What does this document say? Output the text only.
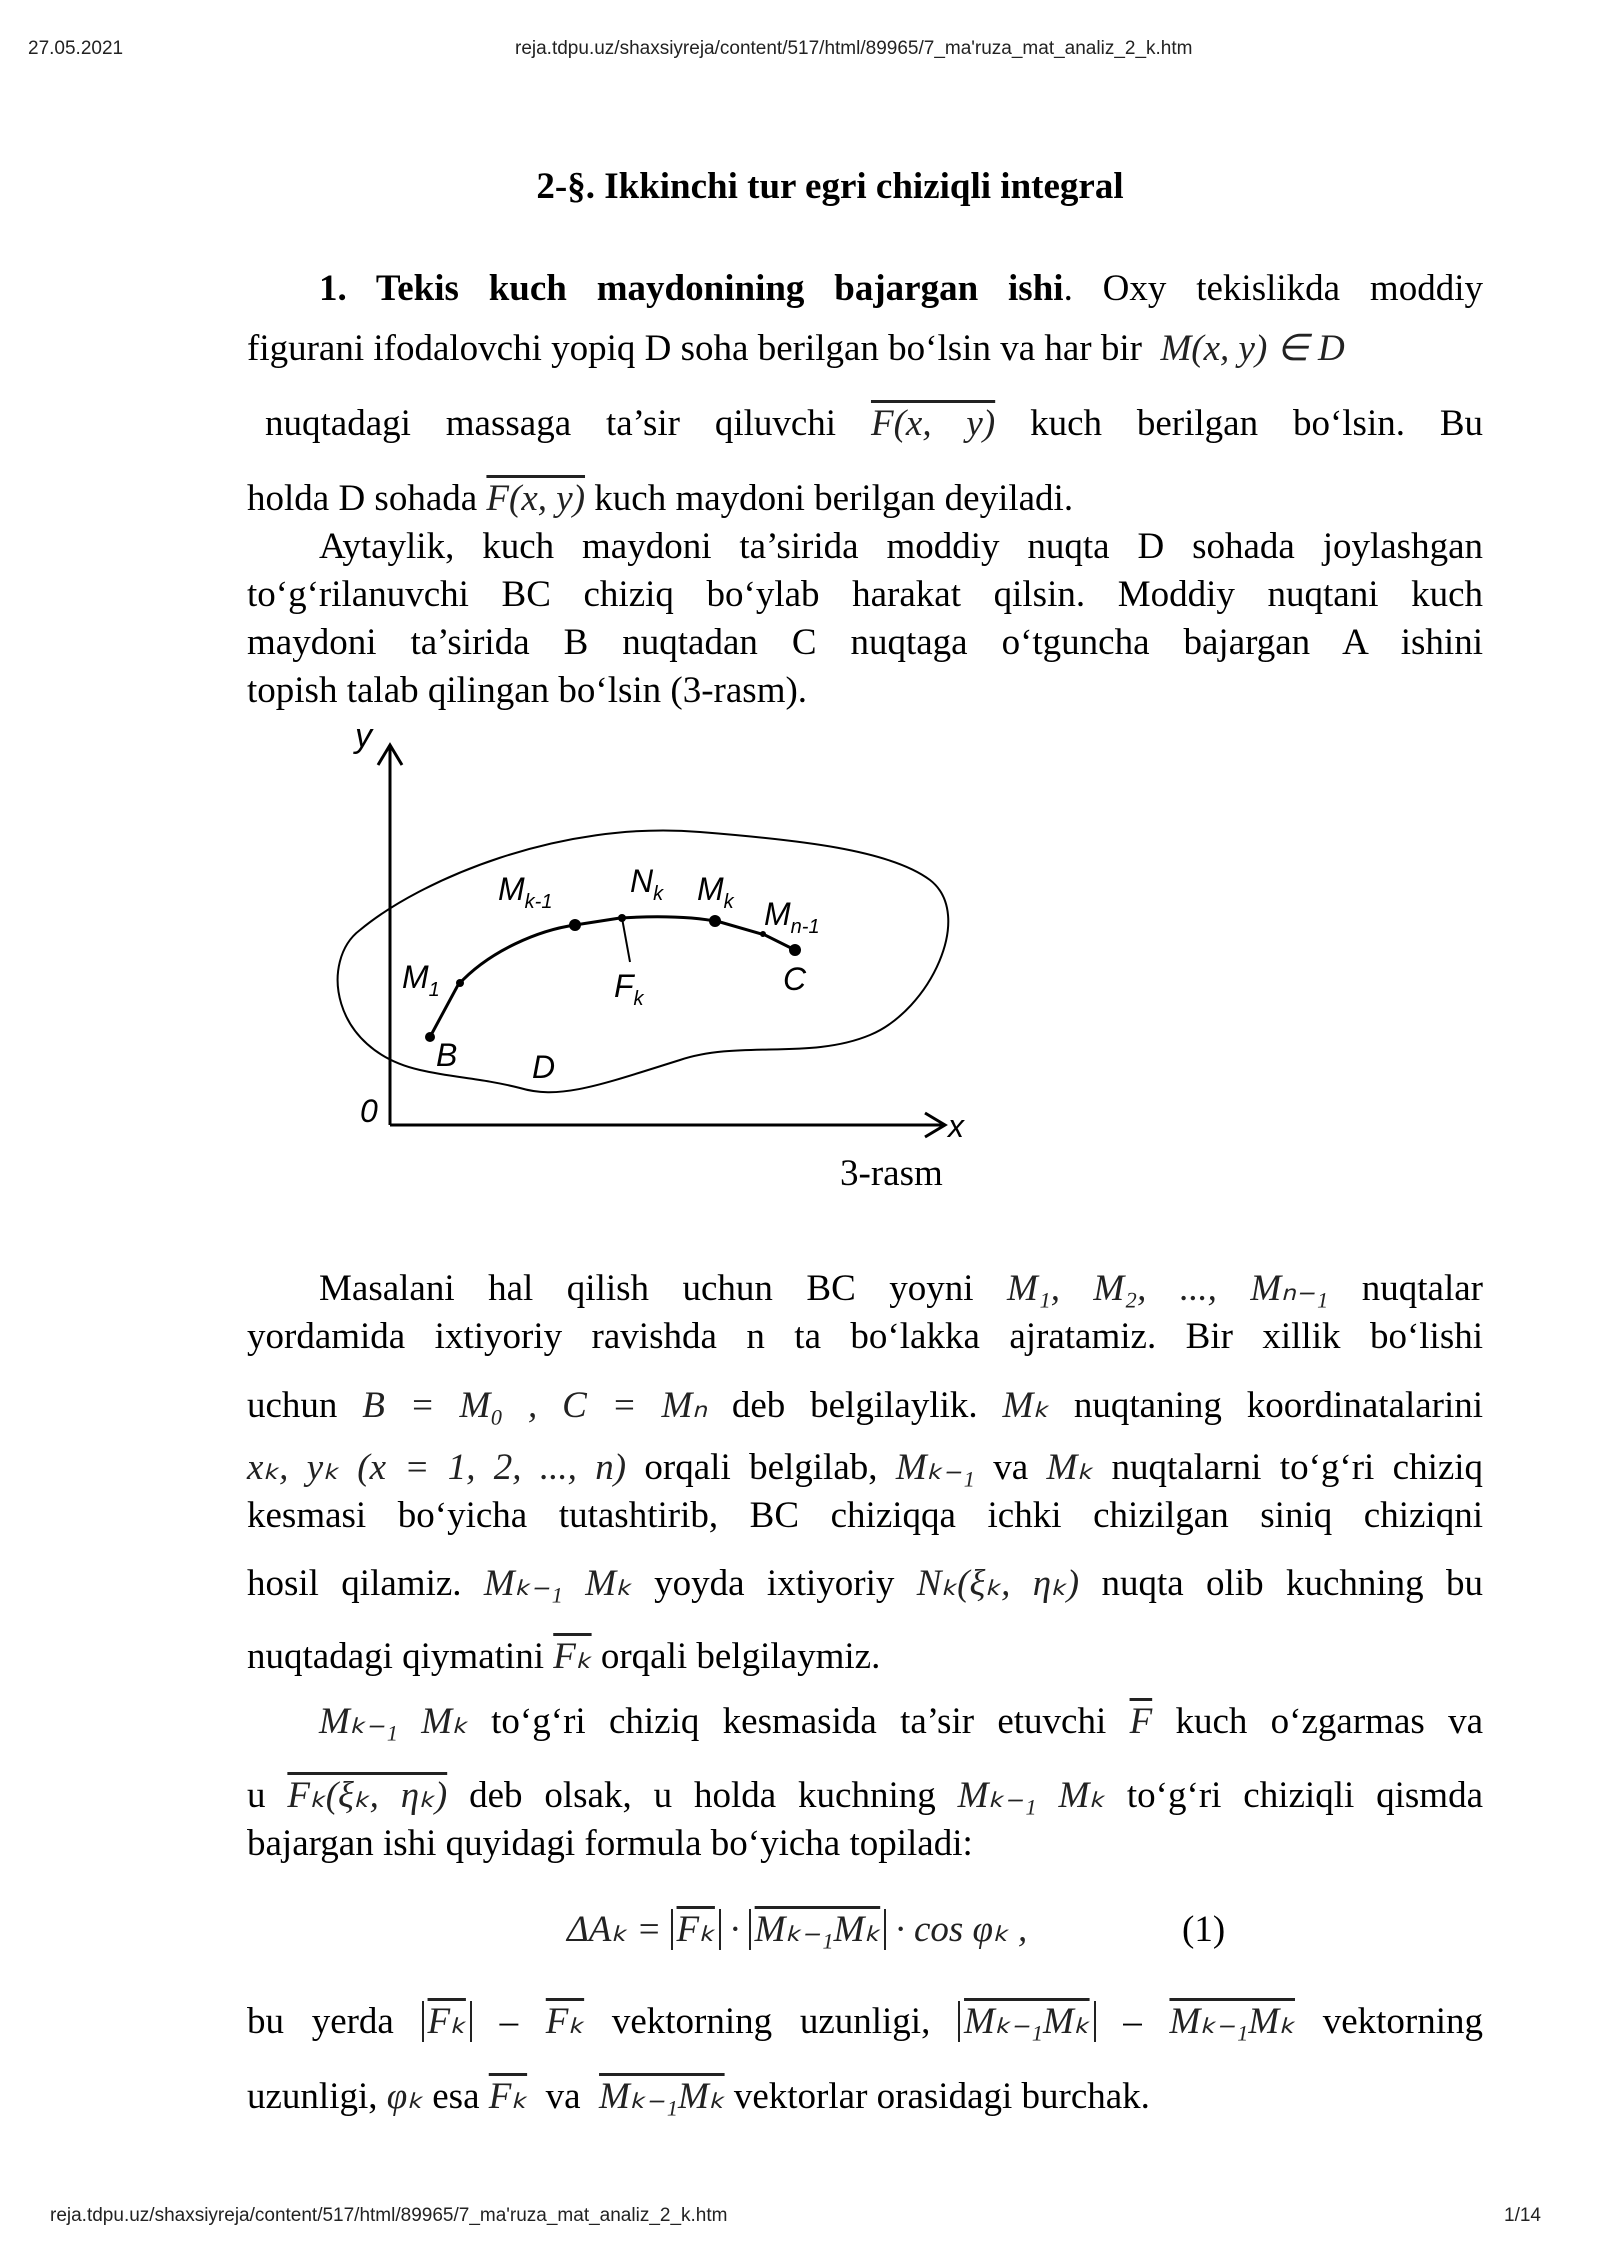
27.05.2021	reja.tdpu.uz/shaxsiyreja/content/517/html/89965/7_ma'ruza_mat_analiz_2_k.htm
reja.tdpu.uz/shaxsiyreja/content/517/html/89965/7_ma'ruza_mat_analiz_2_k.htm	1/14
2-§. Ikkinchi tur egri chiziqli integral
1. Tekis kuch maydonining bajargan ishi. Oxy tekislikda moddiy
figurani ifodalovchi yopiq D soha berilgan bo‘lsin va har bir M(x, y) ∈ D
nuqtadagi massaga ta’sir qiluvchi F(x, y) kuch berilgan bo‘lsin. Bu
holda D sohada F(x, y) kuch maydoni berilgan deyiladi.
Aytaylik, kuch maydoni ta’sirida moddiy nuqta D sohada joylashgan
to‘g‘rilanuvchi BC chiziq bo‘ylab harakat qilsin. Moddiy nuqtani kuch
maydoni ta’sirida B nuqtadan C nuqtaga o‘tguncha bajargan A ishini
topish talab qilingan bo‘lsin (3-rasm).
Masalani hal qilish uchun BC yoyni M₁, M₂, ..., Mₙ₋₁ nuqtalar
yordamida ixtiyoriy ravishda n ta bo‘lakka ajratamiz. Bir xillik bo‘lishi
uchun B = M₀ , C = Mₙ deb belgilaylik. Mₖ nuqtaning koordinatalarini
xₖ, yₖ (x = 1, 2, ..., n) orqali belgilab, Mₖ₋₁ va Mₖ nuqtalarni to‘g‘ri chiziq
kesmasi bo‘yicha tutashtirib, BC chiziqqa ichki chizilgan siniq chiziqni
hosil qilamiz. Mₖ₋₁ Mₖ yoyda ixtiyoriy Nₖ(ξₖ, ηₖ) nuqta olib kuchning bu
nuqtadagi qiymatini $\overline{F_k}$ orqali belgilaymiz.
Mₖ₋₁ Mₖ to‘g‘ri chiziq kesmasida ta’sir etuvchi $\overline{F}$ kuch o‘zgarmas va
u Fₖ(ξₖ, ηₖ) deb olsak, u holda kuchning Mₖ₋₁ Mₖ to‘g‘ri chiziqli qismda
bajargan ishi quyidagi formula bo‘yicha topiladi:
$\Delta A_k = \overline{F_k} \cdot M_{k-1}M_k \cdot \cos \varphi_k$ ,	(1)
bu yerda $\overline{F_k} - \overline{F_k}$ vektorning uzunligi, Mₖ₋₁Mₖ – Mₖ₋₁Mₖ vektorning
uzunligi, φₖ esa $\overline{F_k}$ va Mₖ₋₁Mₖ vektorlar orasidagi burchak.
y
x
0
B D
C
$M_1$
$M_{k-1}$
$N_k$ $M_k$ $M_{n-1}$
$F_k$
3-rasm
